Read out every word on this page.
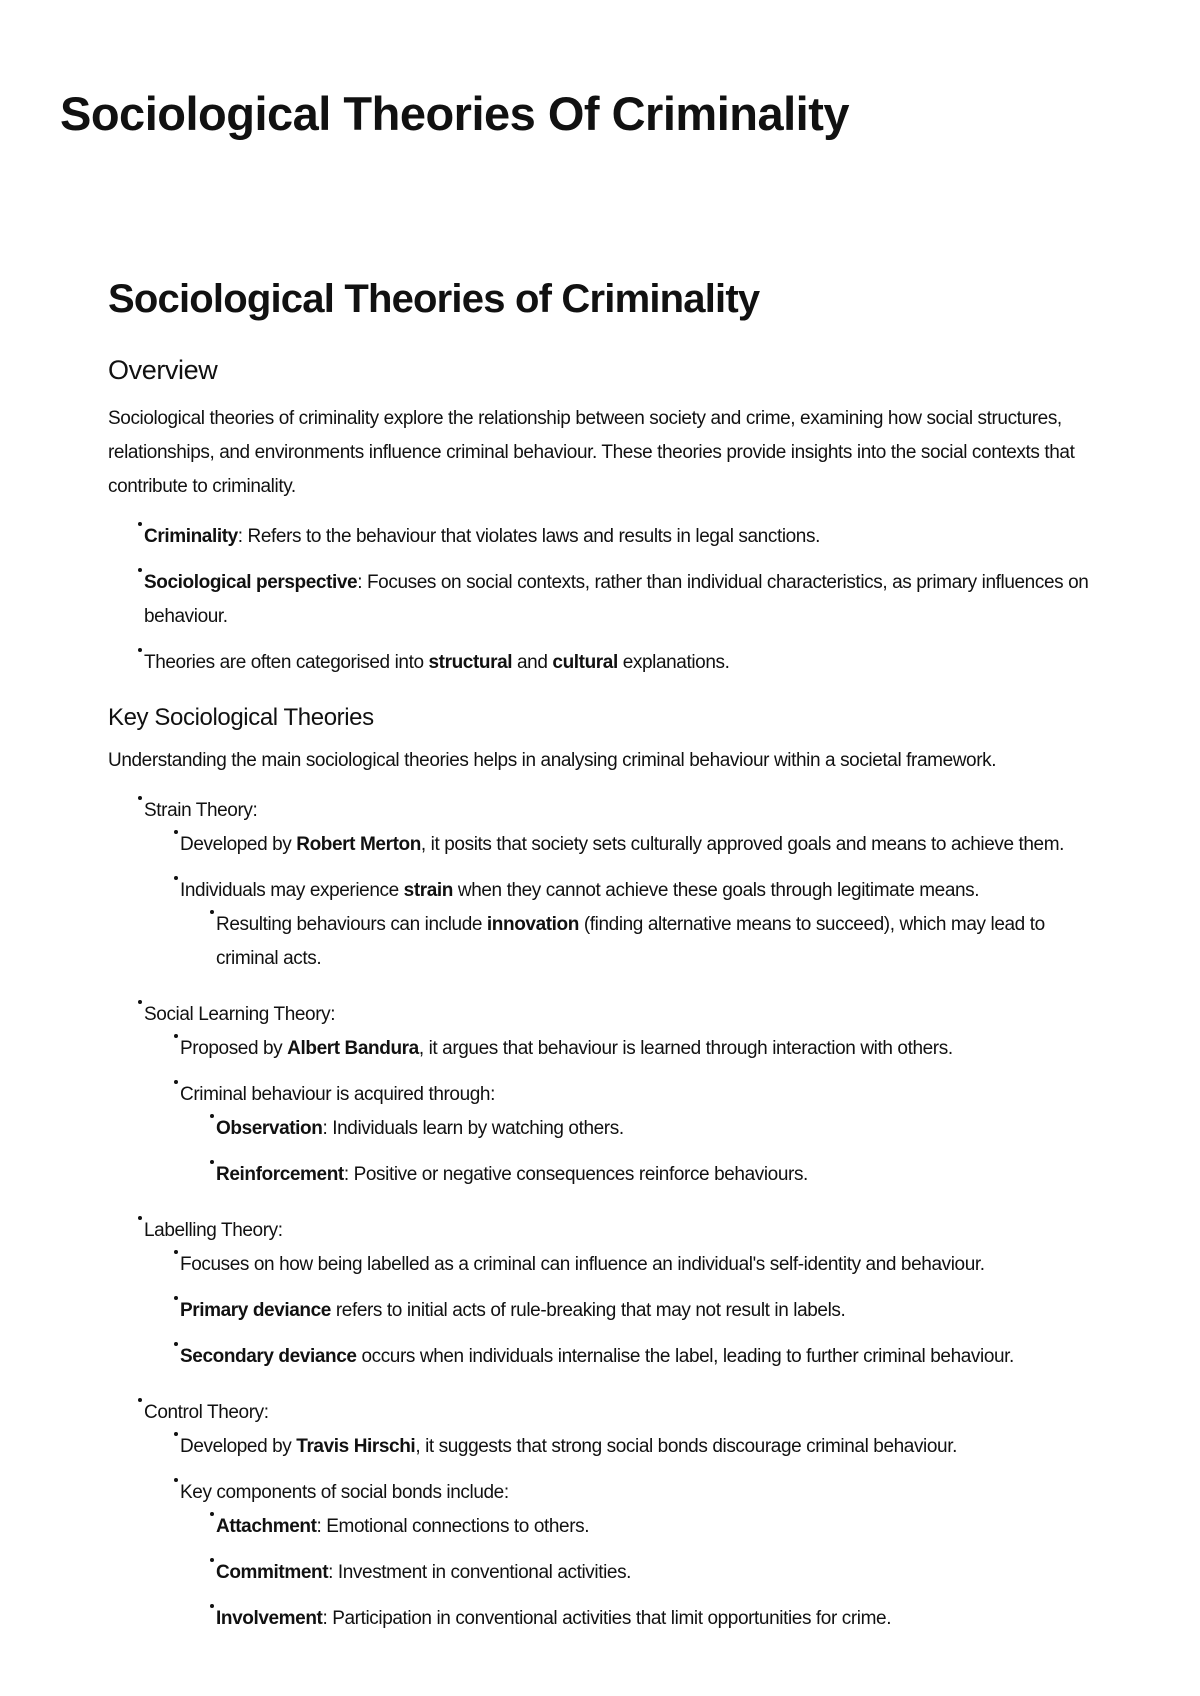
Sociological Theories Of Criminality
Sociological Theories of Criminality
Overview

Sociological theories of criminality explore the relationship between society and crime, examining how social structures, relationships, and environments influence criminal behaviour. These theories provide insights into the social contexts that contribute to criminality.

Criminality: Refers to the behaviour that violates laws and results in legal sanctions.
Sociological perspective: Focuses on social contexts, rather than individual characteristics, as primary influences on behaviour.
Theories are often categorised into structural and cultural explanations.
Key Sociological Theories

Understanding the main sociological theories helps in analysing criminal behaviour within a societal framework.

Strain Theory:
Developed by Robert Merton, it posits that society sets culturally approved goals and means to achieve them.
Individuals may experience strain when they cannot achieve these goals through legitimate means.
Resulting behaviours can include innovation (finding alternative means to succeed), which may lead to criminal acts.
Social Learning Theory:
Proposed by Albert Bandura, it argues that behaviour is learned through interaction with others.
Criminal behaviour is acquired through:
Observation: Individuals learn by watching others.
Reinforcement: Positive or negative consequences reinforce behaviours.
Labelling Theory:
Focuses on how being labelled as a criminal can influence an individual's self-identity and behaviour.
Primary deviance refers to initial acts of rule-breaking that may not result in labels.
Secondary deviance occurs when individuals internalise the label, leading to further criminal behaviour.
Control Theory:
Developed by Travis Hirschi, it suggests that strong social bonds discourage criminal behaviour.
Key components of social bonds include:
Attachment: Emotional connections to others.
Commitment: Investment in conventional activities.
Involvement: Participation in conventional activities that limit opportunities for crime.
